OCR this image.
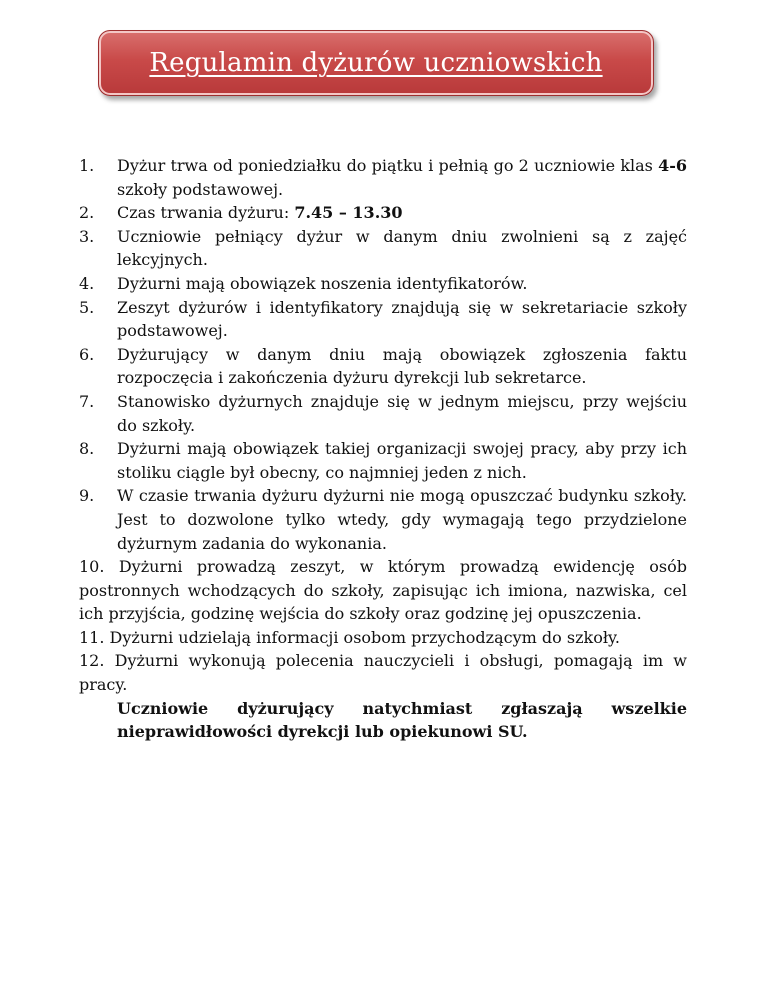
Regulamin dyżurów uczniowskich
1.	Dyżur trwa od poniedziałku do piątku i pełnią go 2 uczniowie klas 4-6 szkoły podstawowej.
2.	Czas trwania dyżuru: 7.45 – 13.30
3.	Uczniowie pełniący dyżur w danym dniu zwolnieni są z zajęć lekcyjnych.
4.	Dyżurni mają obowiązek noszenia identyfikatorów.
5.	Zeszyt dyżurów i identyfikatory znajdują się w sekretariacie szkoły podstawowej.
6.	Dyżurujący w danym dniu mają obowiązek zgłoszenia faktu rozpoczęcia i zakończenia dyżuru dyrekcji lub sekretarce.
7.	Stanowisko dyżurnych znajduje się w jednym miejscu, przy wejściu do szkoły.
8.	Dyżurni mają obowiązek takiej organizacji swojej pracy, aby przy ich stoliku ciągle był obecny, co najmniej jeden z nich.
9.	W czasie trwania dyżuru dyżurni nie mogą opuszczać budynku szkoły. Jest to dozwolone tylko wtedy, gdy wymagają tego przydzielone dyżurnym zadania do wykonania.
10. Dyżurni prowadzą zeszyt, w którym prowadzą ewidencję osób postronnych wchodzących do szkoły, zapisując ich imiona, nazwiska, cel ich przyjścia, godzinę wejścia do szkoły oraz godzinę jej opuszczenia.
11. Dyżurni udzielają informacji osobom przychodzącym do szkoły.
12. Dyżurni wykonują polecenia nauczycieli i obsługi, pomagają im w pracy.
Uczniowie dyżurujący natychmiast zgłaszają wszelkie nieprawidłowości dyrekcji lub opiekunowi SU.
